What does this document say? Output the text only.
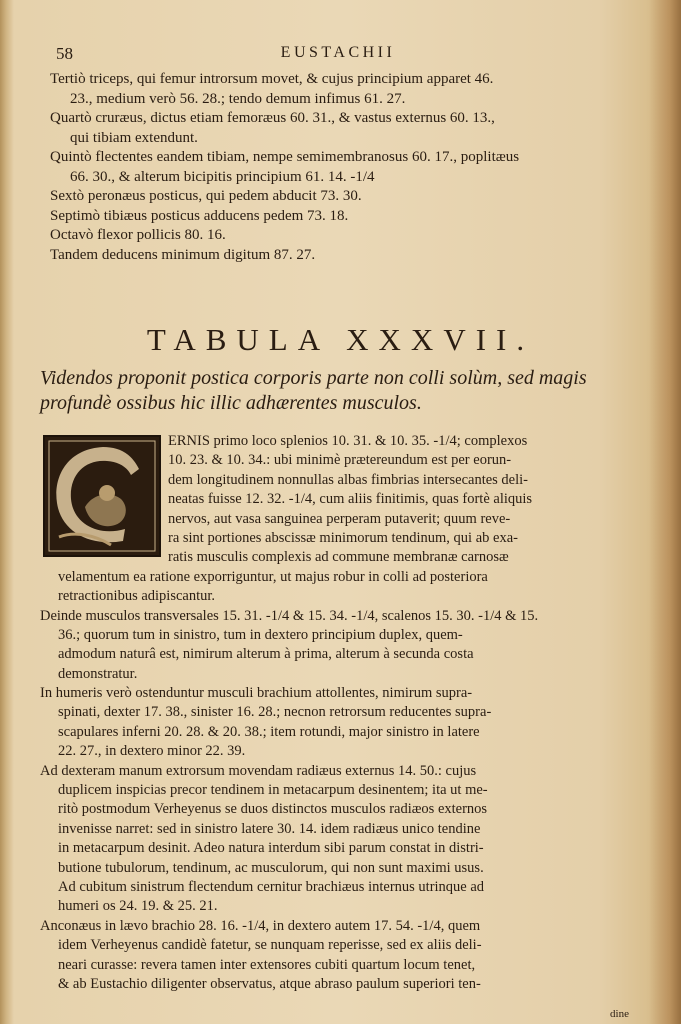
58	EUSTACHII
Tertiò triceps, qui femur introrsum movet, & cujus principium apparet 46.
23., medium verò 56. 28.; tendo demum infimus 61. 27.
Quartò cruræus, dictus etiam femoræus 60. 31., & vastus externus 60. 13.,
qui tibiam extendunt.
Quintò flectentes eandem tibiam, nempe semimembranosus 60. 17., poplitæus
66. 30., & alterum bicipitis principium 61. 14. -1/4
Sextò peronæus posticus, qui pedem abducit 73. 30.
Septimò tibiæus posticus adducens pedem 73. 18.
Octavò flexor pollicis 80. 16.
Tandem deducens minimum digitum 87. 27.
TABULA XXXVII.
Videndos proponit postica corporis parte non colli solùm, sed magis
profundè ossibus hic illic adhærentes musculos.
ERNIS primo loco splenios 10. 31. & 10. 35. -1/4; complexos
10. 23. & 10. 34.: ubi minimè prætereundum est per eorun-
dem longitudinem nonnullas albas fimbrias intersecantes deli-
neatas fuisse 12. 32. -1/4, cum aliis finitimis, quas fortè aliquis
nervos, aut vasa sanguinea perperam putaverit; quum reve-
ra sint portiones abscissæ minimorum tendinum, qui ab exa-
ratis musculis complexis ad commune membranæ carnosæ
velamentum ea ratione exporriguntur, ut majus robur in colli ad posteriora
retractionibus adipiscantur.
Deinde musculos transversales 15. 31. -1/4 & 15. 34. -1/4, scalenos 15. 30. -1/4 & 15.
36.; quorum tum in sinistro, tum in dextero principium duplex, quem-
admodum naturâ est, nimirum alterum à prima, alterum à secunda costa
demonstratur.
In humeris verò ostenduntur musculi brachium attollentes, nimirum supra-
spinati, dexter 17. 38., sinister 16. 28.; necnon retrorsum reducentes supra-
scapulares inferni 20. 28. & 20. 38.; item rotundi, major sinistro in latere
22. 27., in dextero minor 22. 39.
Ad dexteram manum extrorsum movendam radiæus externus 14. 50.: cujus
duplicem inspicias precor tendinem in metacarpum desinentem; ita ut me-
ritò postmodum Verheyenus se duos distinctos musculos radiæos externos
invenisse narret: sed in sinistro latere 30. 14. idem radiæus unico tendine
in metacarpum desinit. Adeo natura interdum sibi parum constat in distri-
butione tubulorum, tendinum, ac musculorum, qui non sunt maximi usus.
Ad cubitum sinistrum flectendum cernitur brachiæus internus utrinque ad
humeri os 24. 19. & 25. 21.
Anconæus in lævo brachio 28. 16. -1/4, in dextero autem 17. 54. -1/4, quem
idem Verheyenus candidè fatetur, se nunquam reperisse, sed ex aliis deli-
neari curasse: revera tamen inter extensores cubiti quartum locum tenet,
& ab Eustachio diligenter observatus, atque abraso paulum superiori ten-
dine
